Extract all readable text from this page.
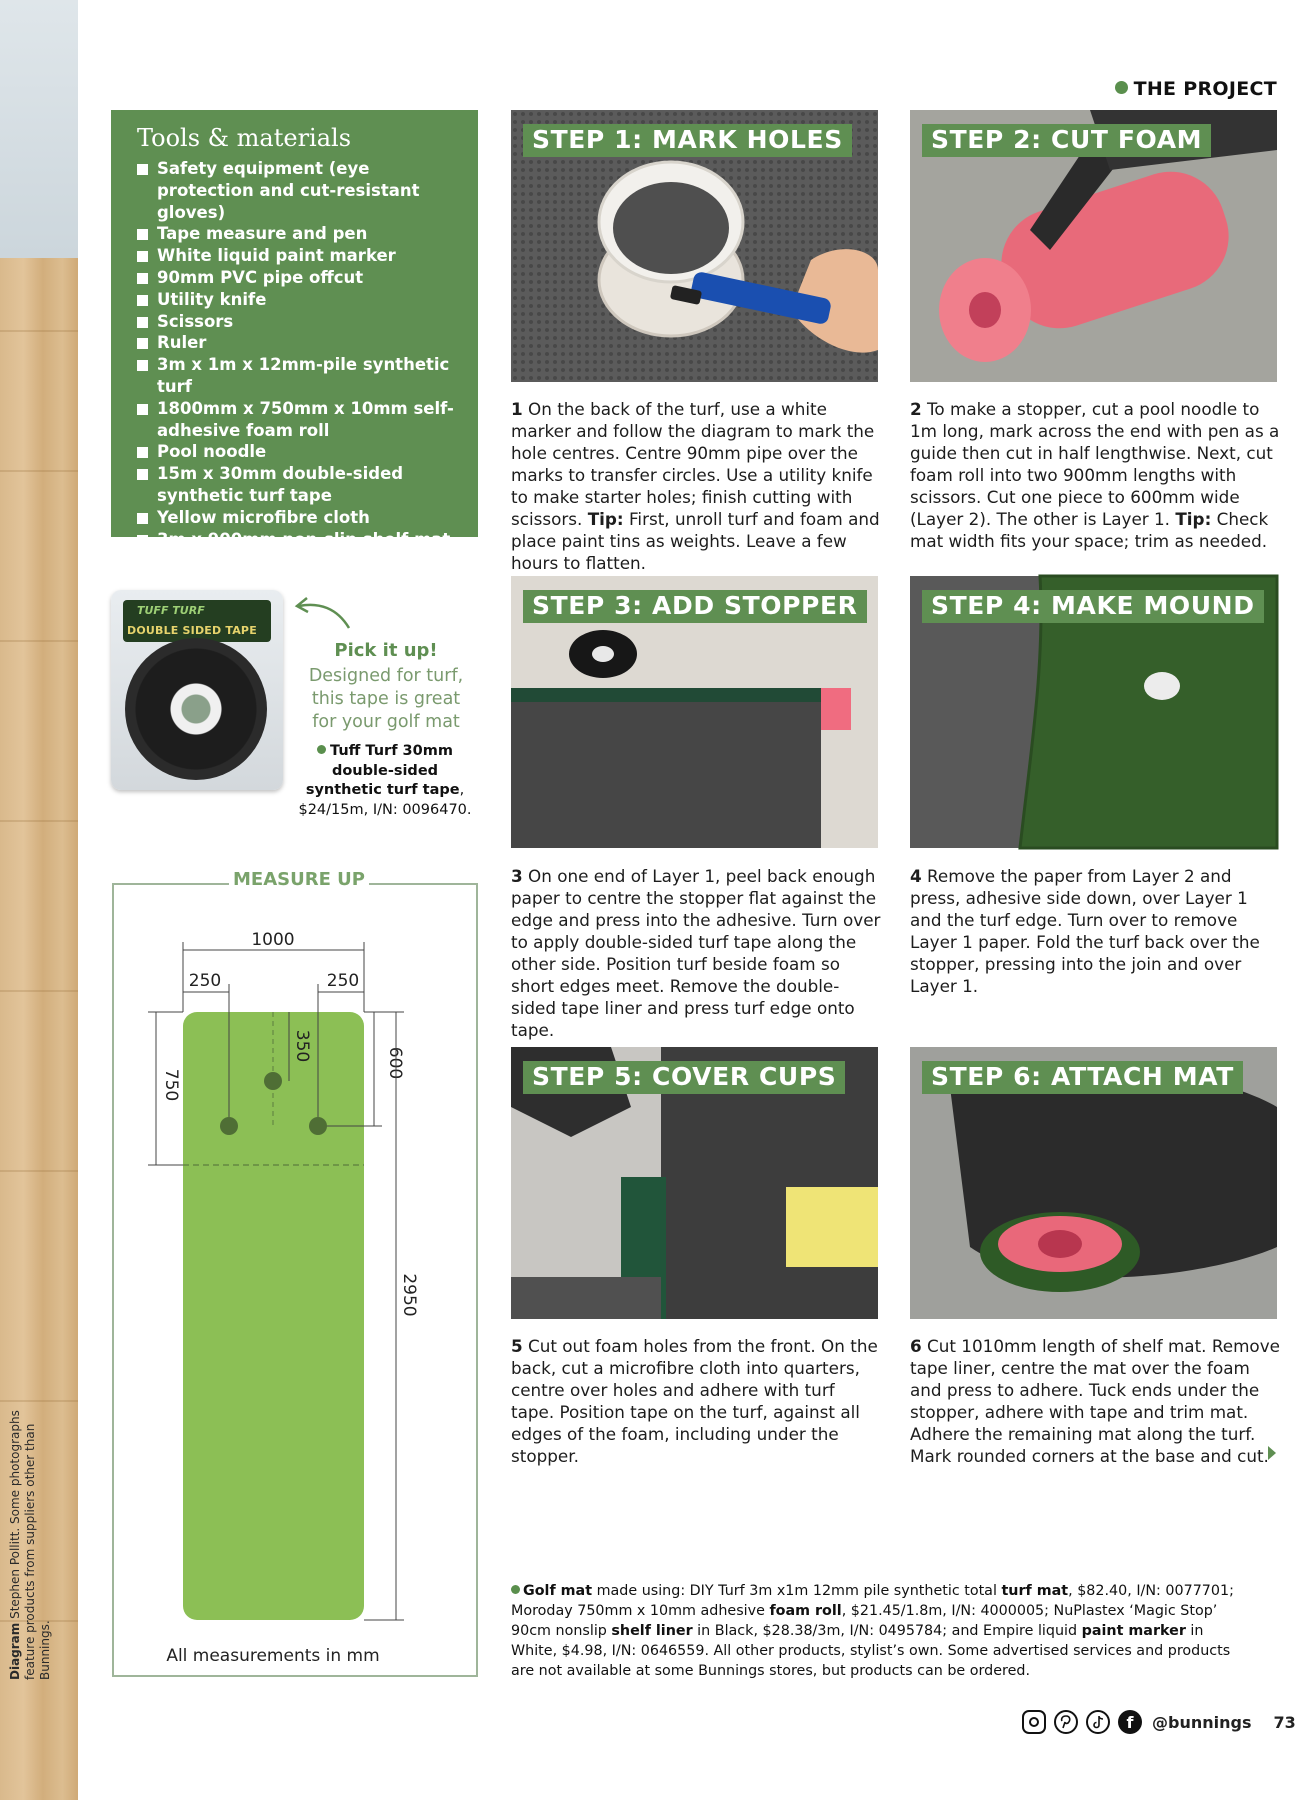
Diagram Stephen Pollitt. Some photographs feature products from suppliers other than Bunnings.
THE PROJECT
Tools & materials
Safety equipment (eye protection and cut-resistant gloves)
Tape measure and pen
White liquid paint marker
90mm PVC pipe offcut
Utility knife
Scissors
Ruler
3m x 1m x 12mm-pile synthetic turf
1800mm x 750mm x 10mm self-adhesive foam roll
Pool noodle
15m x 30mm double-sided synthetic turf tape
Yellow microfibre cloth
3m x 900mm non-slip shelf mat
TUFF TURF
DOUBLE SIDED TAPE
Pick it up!
Designed for turf, this tape is great for your golf mat
Tuff Turf 30mm double-sided synthetic turf tape, $24/15m, I/N: 0096470.
1000
250	250
350
600
750
2950
All measurements in mm
MEASURE UP
STEP 1: MARK HOLES
1 On the back of the turf, use a white marker and follow the diagram to mark the hole centres. Centre 90mm pipe over the marks to transfer circles. Use a utility knife to make starter holes; finish cutting with scissors. Tip: First, unroll turf and foam and place paint tins as weights. Leave a few hours to flatten.
STEP 2: CUT FOAM
2 To make a stopper, cut a pool noodle to 1m long, mark across the end with pen as a guide then cut in half lengthwise. Next, cut foam roll into two 900mm lengths with scissors. Cut one piece to 600mm wide (Layer 2). The other is Layer 1. Tip: Check mat width fits your space; trim as needed.
STEP 3: ADD STOPPER
3 On one end of Layer 1, peel back enough paper to centre the stopper flat against the edge and press into the adhesive. Turn over to apply double-sided turf tape along the other side. Position turf beside foam so short edges meet. Remove the double-sided tape liner and press turf edge onto tape.
STEP 4: MAKE MOUND
4 Remove the paper from Layer 2 and press, adhesive side down, over Layer 1 and the turf edge. Turn over to remove Layer 1 paper. Fold the turf back over the stopper, pressing into the join and over Layer 1.
STEP 5: COVER CUPS
5 Cut out foam holes from the front. On the back, cut a microfibre cloth into quarters, centre over holes and adhere with turf tape. Position tape on the turf, against all edges of the foam, including under the stopper.
STEP 6: ATTACH MAT
6 Cut 1010mm length of shelf mat. Remove tape liner, centre the mat over the foam and press to adhere. Tuck ends under the stopper, adhere with tape and trim mat. Adhere the remaining mat along the turf. Mark rounded corners at the base and cut.
Golf mat made using: DIY Turf 3m x1m 12mm pile synthetic total turf mat, $82.40, I/N: 0077701; Moroday 750mm x 10mm adhesive foam roll, $21.45/1.8m, I/N: 4000005; NuPlastex ‘Magic Stop’ 90cm nonslip shelf liner in Black, $28.38/3m, I/N: 0495784; and Empire liquid paint marker in White, $4.98, I/N: 0646559. All other products, stylist’s own. Some advertised services and products are not available at some Bunnings stores, but products can be ordered.
f	@bunnings 73
